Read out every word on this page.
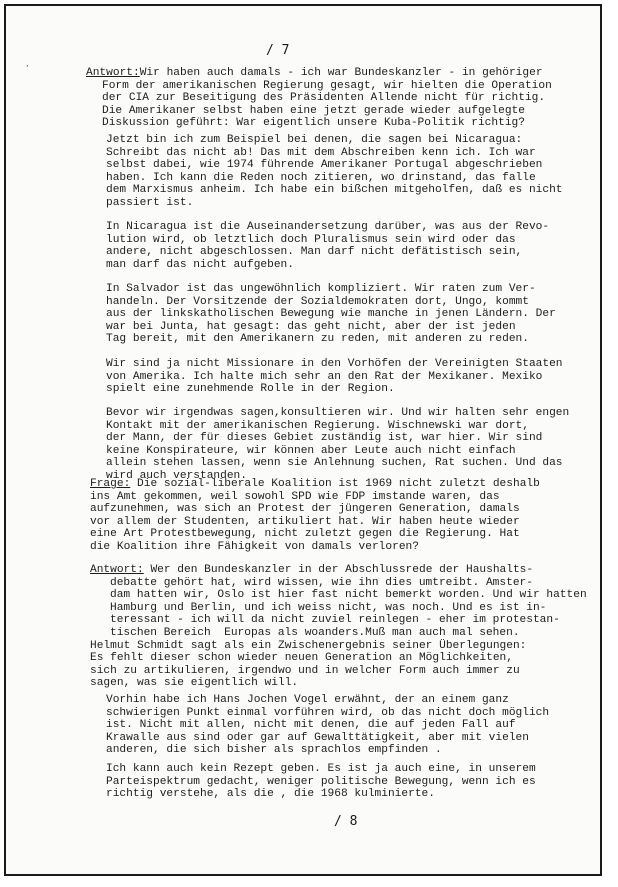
’
/ 7
Antwort:Wir haben auch damals - ich war Bundeskanzler - in gehöriger
Form der amerikanischen Regierung gesagt, wir hielten die Operation
der CIA zur Beseitigung des Präsidenten Allende nicht für richtig.
Die Amerikaner selbst haben eine jetzt gerade wieder aufgelegte
Diskussion geführt: War eigentlich unsere Kuba-Politik richtig?
Jetzt bin ich zum Beispiel bei denen, die sagen bei Nicaragua:
Schreibt das nicht ab! Das mit dem Abschreiben kenn ich. Ich war
selbst dabei, wie 1974 führende Amerikaner Portugal abgeschrieben
haben. Ich kann die Reden noch zitieren, wo drinstand, das falle
dem Marxismus anheim. Ich habe ein bißchen mitgeholfen, daß es nicht
passiert ist.
In Nicaragua ist die Auseinandersetzung darüber, was aus der Revo-
lution wird, ob letztlich doch Pluralismus sein wird oder das
andere, nicht abgeschlossen. Man darf nicht defätistisch sein,
man darf das nicht aufgeben.
In Salvador ist das ungewöhnlich kompliziert. Wir raten zum Ver-
handeln. Der Vorsitzende der Sozialdemokraten dort, Ungo, kommt
aus der linkskatholischen Bewegung wie manche in jenen Ländern. Der
war bei Junta, hat gesagt: das geht nicht, aber der ist jeden
Tag bereit, mit den Amerikanern zu reden, mit anderen zu reden.
Wir sind ja nicht Missionare in den Vorhöfen der Vereinigten Staaten
von Amerika. Ich halte mich sehr an den Rat der Mexikaner. Mexiko
spielt eine zunehmende Rolle in der Region.
Bevor wir irgendwas sagen,konsultieren wir. Und wir halten sehr engen
Kontakt mit der amerikanischen Regierung. Wischnewski war dort,
der Mann, der für dieses Gebiet zuständig ist, war hier. Wir sind
keine Konspirateure, wir können aber Leute auch nicht einfach
allein stehen lassen, wenn sie Anlehnung suchen, Rat suchen. Und das
wird auch verstanden.
Frage: Die sozial-liberale Koalition ist 1969 nicht zuletzt deshalb
ins Amt gekommen, weil sowohl SPD wie FDP imstande waren, das
aufzunehmen, was sich an Protest der jüngeren Generation, damals
vor allem der Studenten, artikuliert hat. Wir haben heute wieder
eine Art Protestbewegung, nicht zuletzt gegen die Regierung. Hat
die Koalition ihre Fähigkeit von damals verloren?
Antwort: Wer den Bundeskanzler in der Abschlussrede der Haushalts-
debatte gehört hat, wird wissen, wie ihn dies umtreibt. Amster-
dam hatten wir, Oslo ist hier fast nicht bemerkt worden. Und wir hatten
Hamburg und Berlin, und ich weiss nicht, was noch. Und es ist in-
teressant - ich will da nicht zuviel reinlegen - eher im protestan-
tischen Bereich  Europas als woanders.Muß man auch mal sehen.
Helmut Schmidt sagt als ein Zwischenergebnis seiner Überlegungen:
Es fehlt dieser schon wieder neuen Generation an Möglichkeiten,
sich zu artikulieren, irgendwo und in welcher Form auch immer zu
sagen, was sie eigentlich will.
Vorhin habe ich Hans Jochen Vogel erwähnt, der an einem ganz
schwierigen Punkt einmal vorführen wird, ob das nicht doch möglich
ist. Nicht mit allen, nicht mit denen, die auf jeden Fall auf
Krawalle aus sind oder gar auf Gewalttätigkeit, aber mit vielen
anderen, die sich bisher als sprachlos empfinden .
Ich kann auch kein Rezept geben. Es ist ja auch eine, in unserem
Parteispektrum gedacht, weniger politische Bewegung, wenn ich es
richtig verstehe, als die , die 1968 kulminierte.
/ 8
